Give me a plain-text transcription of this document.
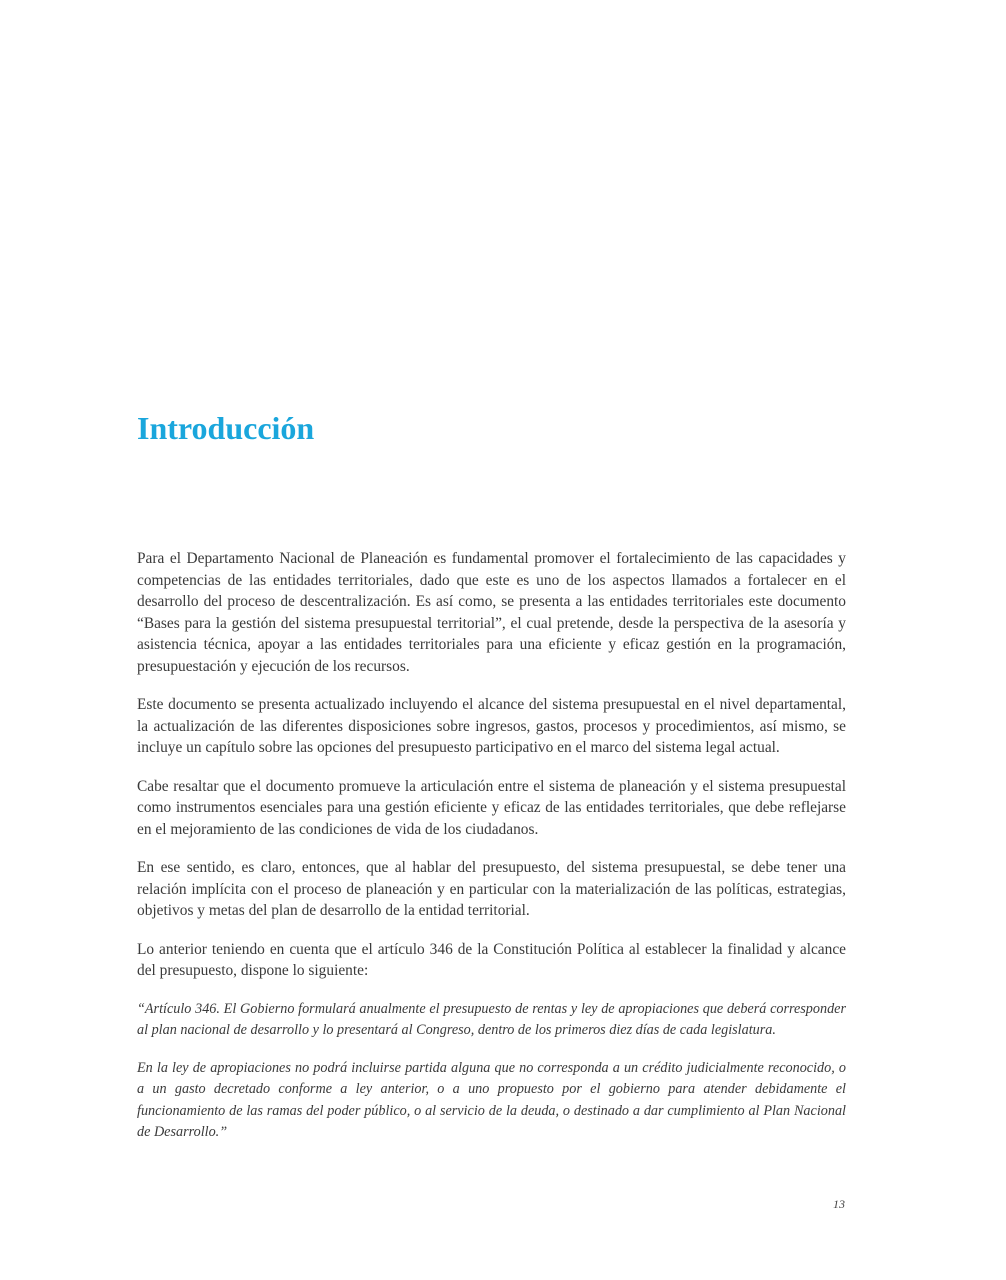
Introducción

Para el Departamento Nacional de Planeación es fundamental promover el fortalecimiento de las capacidades y competencias de las entidades territoriales, dado que este es uno de los aspectos llamados a fortalecer en el desarrollo del proceso de descentralización. Es así como, se presenta a las entidades territoriales este documento “Bases para la gestión del sistema presupuestal territorial”, el cual pretende, desde la perspectiva de la asesoría y asistencia técnica, apoyar a las entidades territoriales para una eficiente y eficaz gestión en la programación, presupuestación y ejecución de los recursos.

Este documento se presenta actualizado incluyendo el alcance del sistema presupuestal en el nivel departamental, la actualización de las diferentes disposiciones sobre ingresos, gastos, procesos y procedimientos, así mismo, se incluye un capítulo sobre las opciones del presupuesto participativo en el marco del sistema legal actual.

Cabe resaltar que el documento promueve la articulación entre el sistema de planeación y el sistema presupuestal como instrumentos esenciales para una gestión eficiente y eficaz de las entidades territoriales, que debe reflejarse en el mejoramiento de las condiciones de vida de los ciudadanos.

En ese sentido, es claro, entonces, que al hablar del presupuesto, del sistema presupuestal, se debe tener una relación implícita con el proceso de planeación y en particular con la materialización de las políticas, estrategias, objetivos y metas del plan de desarrollo de la entidad territorial.

Lo anterior teniendo en cuenta que el artículo 346 de la Constitución Política al establecer la finalidad y alcance del presupuesto, dispone lo siguiente:

“Artículo 346. El Gobierno formulará anualmente el presupuesto de rentas y ley de apropiaciones que deberá corresponder al plan nacional de desarrollo y lo presentará al Congreso, dentro de los primeros diez días de cada legislatura.

En la ley de apropiaciones no podrá incluirse partida alguna que no corresponda a un crédito judicialmente reconocido, o a un gasto decretado conforme a ley anterior, o a uno propuesto por el gobierno para atender debidamente el funcionamiento de las ramas del poder público, o al servicio de la deuda, o destinado a dar cumplimiento al Plan Nacional de Desarrollo.”

13
